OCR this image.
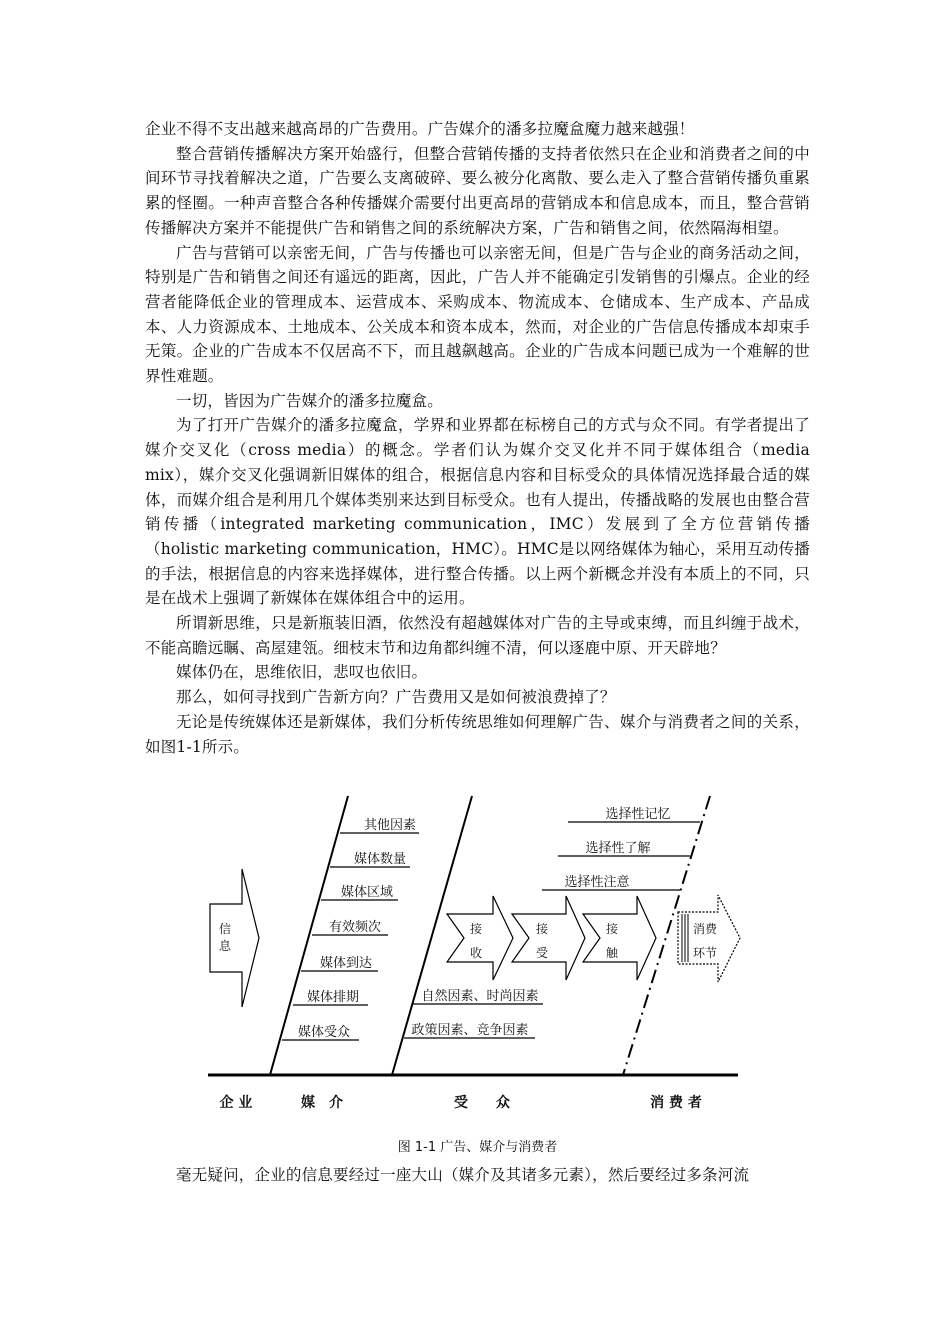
企业不得不支出越来越高昂的广告费用。广告媒介的潘多拉魔盒魔力越来越强！

整合营销传播解决方案开始盛行，但整合营销传播的支持者依然只在企业和消费者之间的中间环节寻找着解决之道，广告要么支离破碎、要么被分化离散、要么走入了整合营销传播负重累累的怪圈。一种声音整合各种传播媒介需要付出更高昂的营销成本和信息成本，而且，整合营销传播解决方案并不能提供广告和销售之间的系统解决方案，广告和销售之间，依然隔海相望。

广告与营销可以亲密无间，广告与传播也可以亲密无间，但是广告与企业的商务活动之间，特别是广告和销售之间还有遥远的距离，因此，广告人并不能确定引发销售的引爆点。企业的经营者能降低企业的管理成本、运营成本、采购成本、物流成本、仓储成本、生产成本、产品成本、人力资源成本、土地成本、公关成本和资本成本，然而，对企业的广告信息传播成本却束手无策。企业的广告成本不仅居高不下，而且越飙越高。企业的广告成本问题已成为一个难解的世界性难题。

一切，皆因为广告媒介的潘多拉魔盒。

为了打开广告媒介的潘多拉魔盒，学界和业界都在标榜自己的方式与众不同。有学者提出了媒介交叉化（cross media）的概念。学者们认为媒介交叉化并不同于媒体组合（media mix），媒介交叉化强调新旧媒体的组合，根据信息内容和目标受众的具体情况选择最合适的媒体，而媒介组合是利用几个媒体类别来达到目标受众。也有人提出，传播战略的发展也由整合营销传播（integrated marketing communication，IMC）发展到了全方位营销传播（holistic marketing communication，HMC）。HMC是以网络媒体为轴心，采用互动传播的手法，根据信息的内容来选择媒体，进行整合传播。以上两个新概念并没有本质上的不同，只是在战术上强调了新媒体在媒体组合中的运用。

所谓新思维，只是新瓶装旧酒，依然没有超越媒体对广告的主导或束缚，而且纠缠于战术，不能高瞻远瞩、高屋建瓴。细枝末节和边角都纠缠不清，何以逐鹿中原、开天辟地？

媒体仍在，思维依旧，悲叹也依旧。

那么，如何寻找到广告新方向？广告费用又是如何被浪费掉了？

无论是传统媒体还是新媒体，我们分析传统思维如何理解广告、媒介与消费者之间的关系，如图1-1所示。

其他因素
媒体数量
媒体区域
有效频次
媒体到达
媒体排期
媒体受众
自然因素、时尚因素
政策因素、竞争因素
选择性记忆
选择性了解
选择性注意
信
息
接
收
接
受
接
触
消费
环节
企 业	媒　介	受　　众	消 费 者
图 1-1 广告、媒介与消费者

毫无疑问，企业的信息要经过一座大山（媒介及其诸多元素），然后要经过多条河流
